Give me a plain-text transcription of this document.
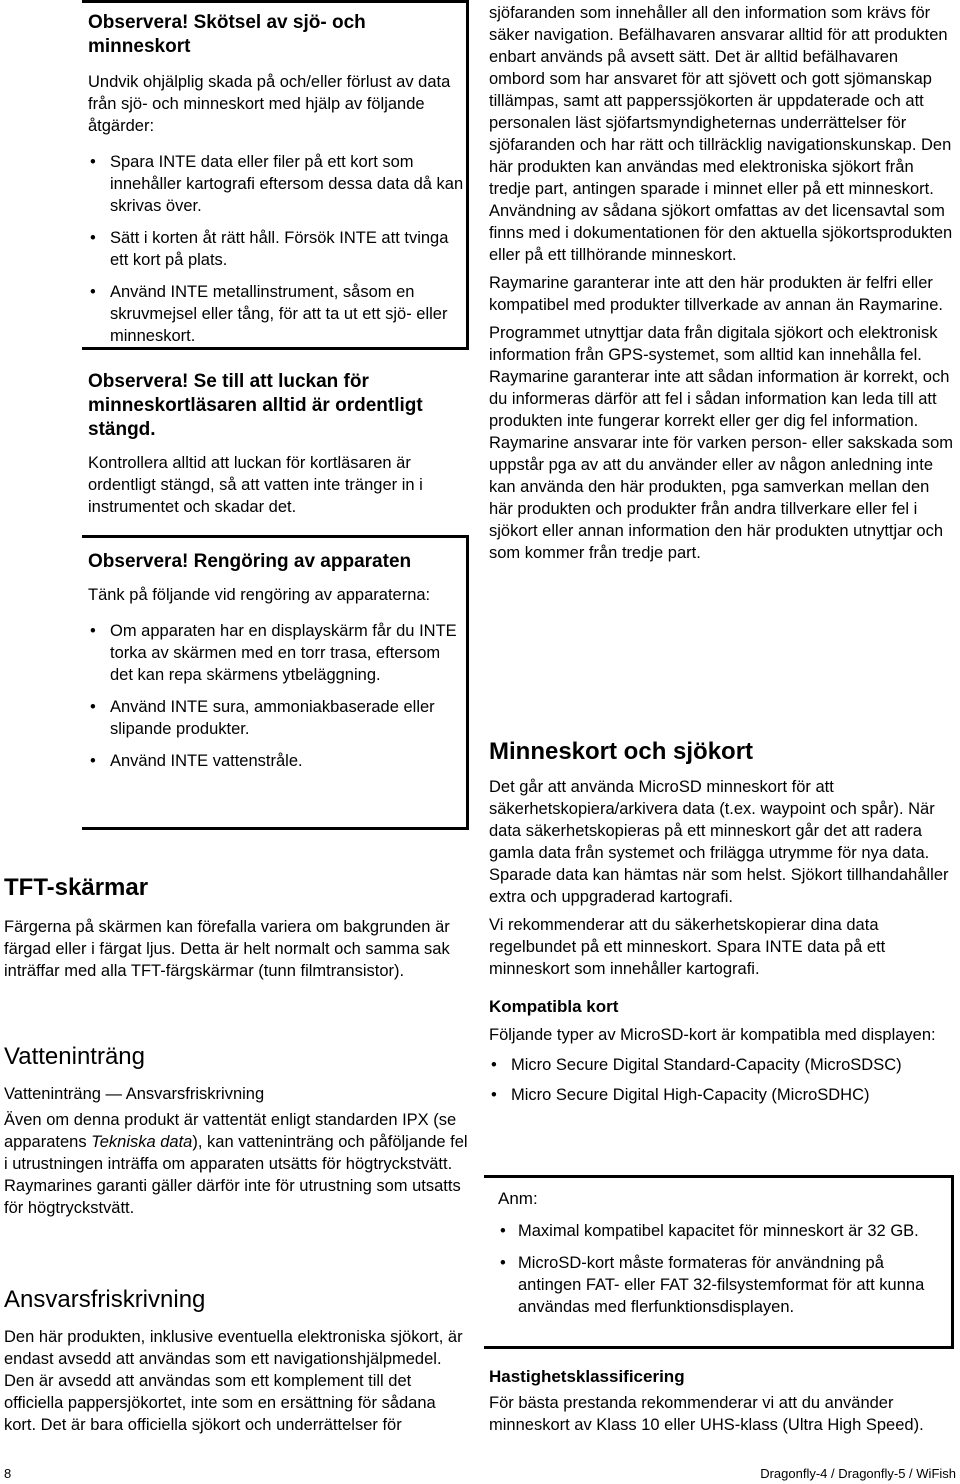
Observera! Skötsel av sjö- och minneskort

Undvik ohjälplig skada på och/eller förlust av data från sjö- och minneskort med hjälp av följande åtgärder:

• Spara INTE data eller filer på ett kort som innehåller kartografi eftersom dessa data då kan skrivas över.
• Sätt i korten åt rätt håll. Försök INTE att tvinga ett kort på plats.
• Använd INTE metallinstrument, såsom en skruvmejsel eller tång, för att ta ut ett sjö- eller minneskort.
Observera! Se till att luckan för minneskortläsaren alltid är ordentligt stängd.

Kontrollera alltid att luckan för kortläsaren är ordentligt stängd, så att vatten inte tränger in i instrumentet och skadar det.

Observera! Rengöring av apparaten

Tänk på följande vid rengöring av apparaterna:

• Om apparaten har en displayskärm får du INTE torka av skärmen med en torr trasa, eftersom det kan repa skärmens ytbeläggning.
• Använd INTE sura, ammoniakbaserade eller slipande produkter.
• Använd INTE vattenstråle.
TFT-skärmar

Färgerna på skärmen kan förefalla variera om bakgrunden är färgad eller i färgat ljus. Detta är helt normalt och samma sak inträffar med alla TFT-färgskärmar (tunn filmtransistor).

Vatteninträng

Vatteninträng — Ansvarsfriskrivning

Även om denna produkt är vattentät enligt standarden IPX (se apparatens Tekniska data), kan vatteninträng och påföljande fel i utrustningen inträffa om apparaten utsätts för högtryckstvätt. Raymarines garanti gäller därför inte för utrustning som utsatts för högtryckstvätt.

Ansvarsfriskrivning

Den här produkten, inklusive eventuella elektroniska sjökort, är endast avsedd att användas som ett navigationshjälpmedel. Den är avsedd att användas som ett komplement till det officiella pappersjökortet, inte som en ersättning för sådana kort. Det är bara officiella sjökort och underrättelser för

sjöfaranden som innehåller all den information som krävs för säker navigation. Befälhavaren ansvarar alltid för att produkten enbart används på avsett sätt. Det är alltid befälhavaren ombord som har ansvaret för att sjövett och gott sjömanskap tillämpas, samt att papperssjökorten är uppdaterade och att personalen läst sjöfartsmyndigheternas underrättelser för sjöfaranden och har rätt och tillräcklig navigationskunskap. Den här produkten kan användas med elektroniska sjökort från tredje part, antingen sparade i minnet eller på ett minneskort. Användning av sådana sjökort omfattas av det licensavtal som finns med i dokumentationen för den aktuella sjökortsprodukten eller på ett tillhörande minneskort.

Raymarine garanterar inte att den här produkten är felfri eller kompatibel med produkter tillverkade av annan än Raymarine.

Programmet utnyttjar data från digitala sjökort och elektronisk information från GPS-systemet, som alltid kan innehålla fel. Raymarine garanterar inte att sådan information är korrekt, och du informeras därför att fel i sådan information kan leda till att produkten inte fungerar korrekt eller ger dig fel information. Raymarine ansvarar inte för varken person- eller sakskada som uppstår pga av att du använder eller av någon anledning inte kan använda den här produkten, pga samverkan mellan den här produkten och produkter från andra tillverkare eller fel i sjökort eller annan information den här produkten utnyttjar och som kommer från tredje part.

Minneskort och sjökort

Det går att använda MicroSD minneskort för att säkerhetskopiera/arkivera data (t.ex. waypoint och spår). När data säkerhetskopieras på ett minneskort går det att radera gamla data från systemet och frilägga utrymme för nya data. Sparade data kan hämtas när som helst. Sjökort tillhandahåller extra och uppgraderad kartografi.

Vi rekommenderar att du säkerhetskopierar dina data regelbundet på ett minneskort. Spara INTE data på ett minneskort som innehåller kartografi.

Kompatibla kort

Följande typer av MicroSD-kort är kompatibla med displayen:

• Micro Secure Digital Standard-Capacity (MicroSDSC)
• Micro Secure Digital High-Capacity (MicroSDHC)
Anm:
• Maximal kompatibel kapacitet för minneskort är 32 GB.
• MicroSD-kort måste formateras för användning på antingen FAT- eller FAT 32-filsystemformat för att kunna användas med flerfunktionsdisplayen.
Hastighetsklassificering

För bästa prestanda rekommenderar vi att du använder minneskort av Klass 10 eller UHS-klass (Ultra High Speed).

8	Dragonfly-4 / Dragonfly-5 / WiFish
